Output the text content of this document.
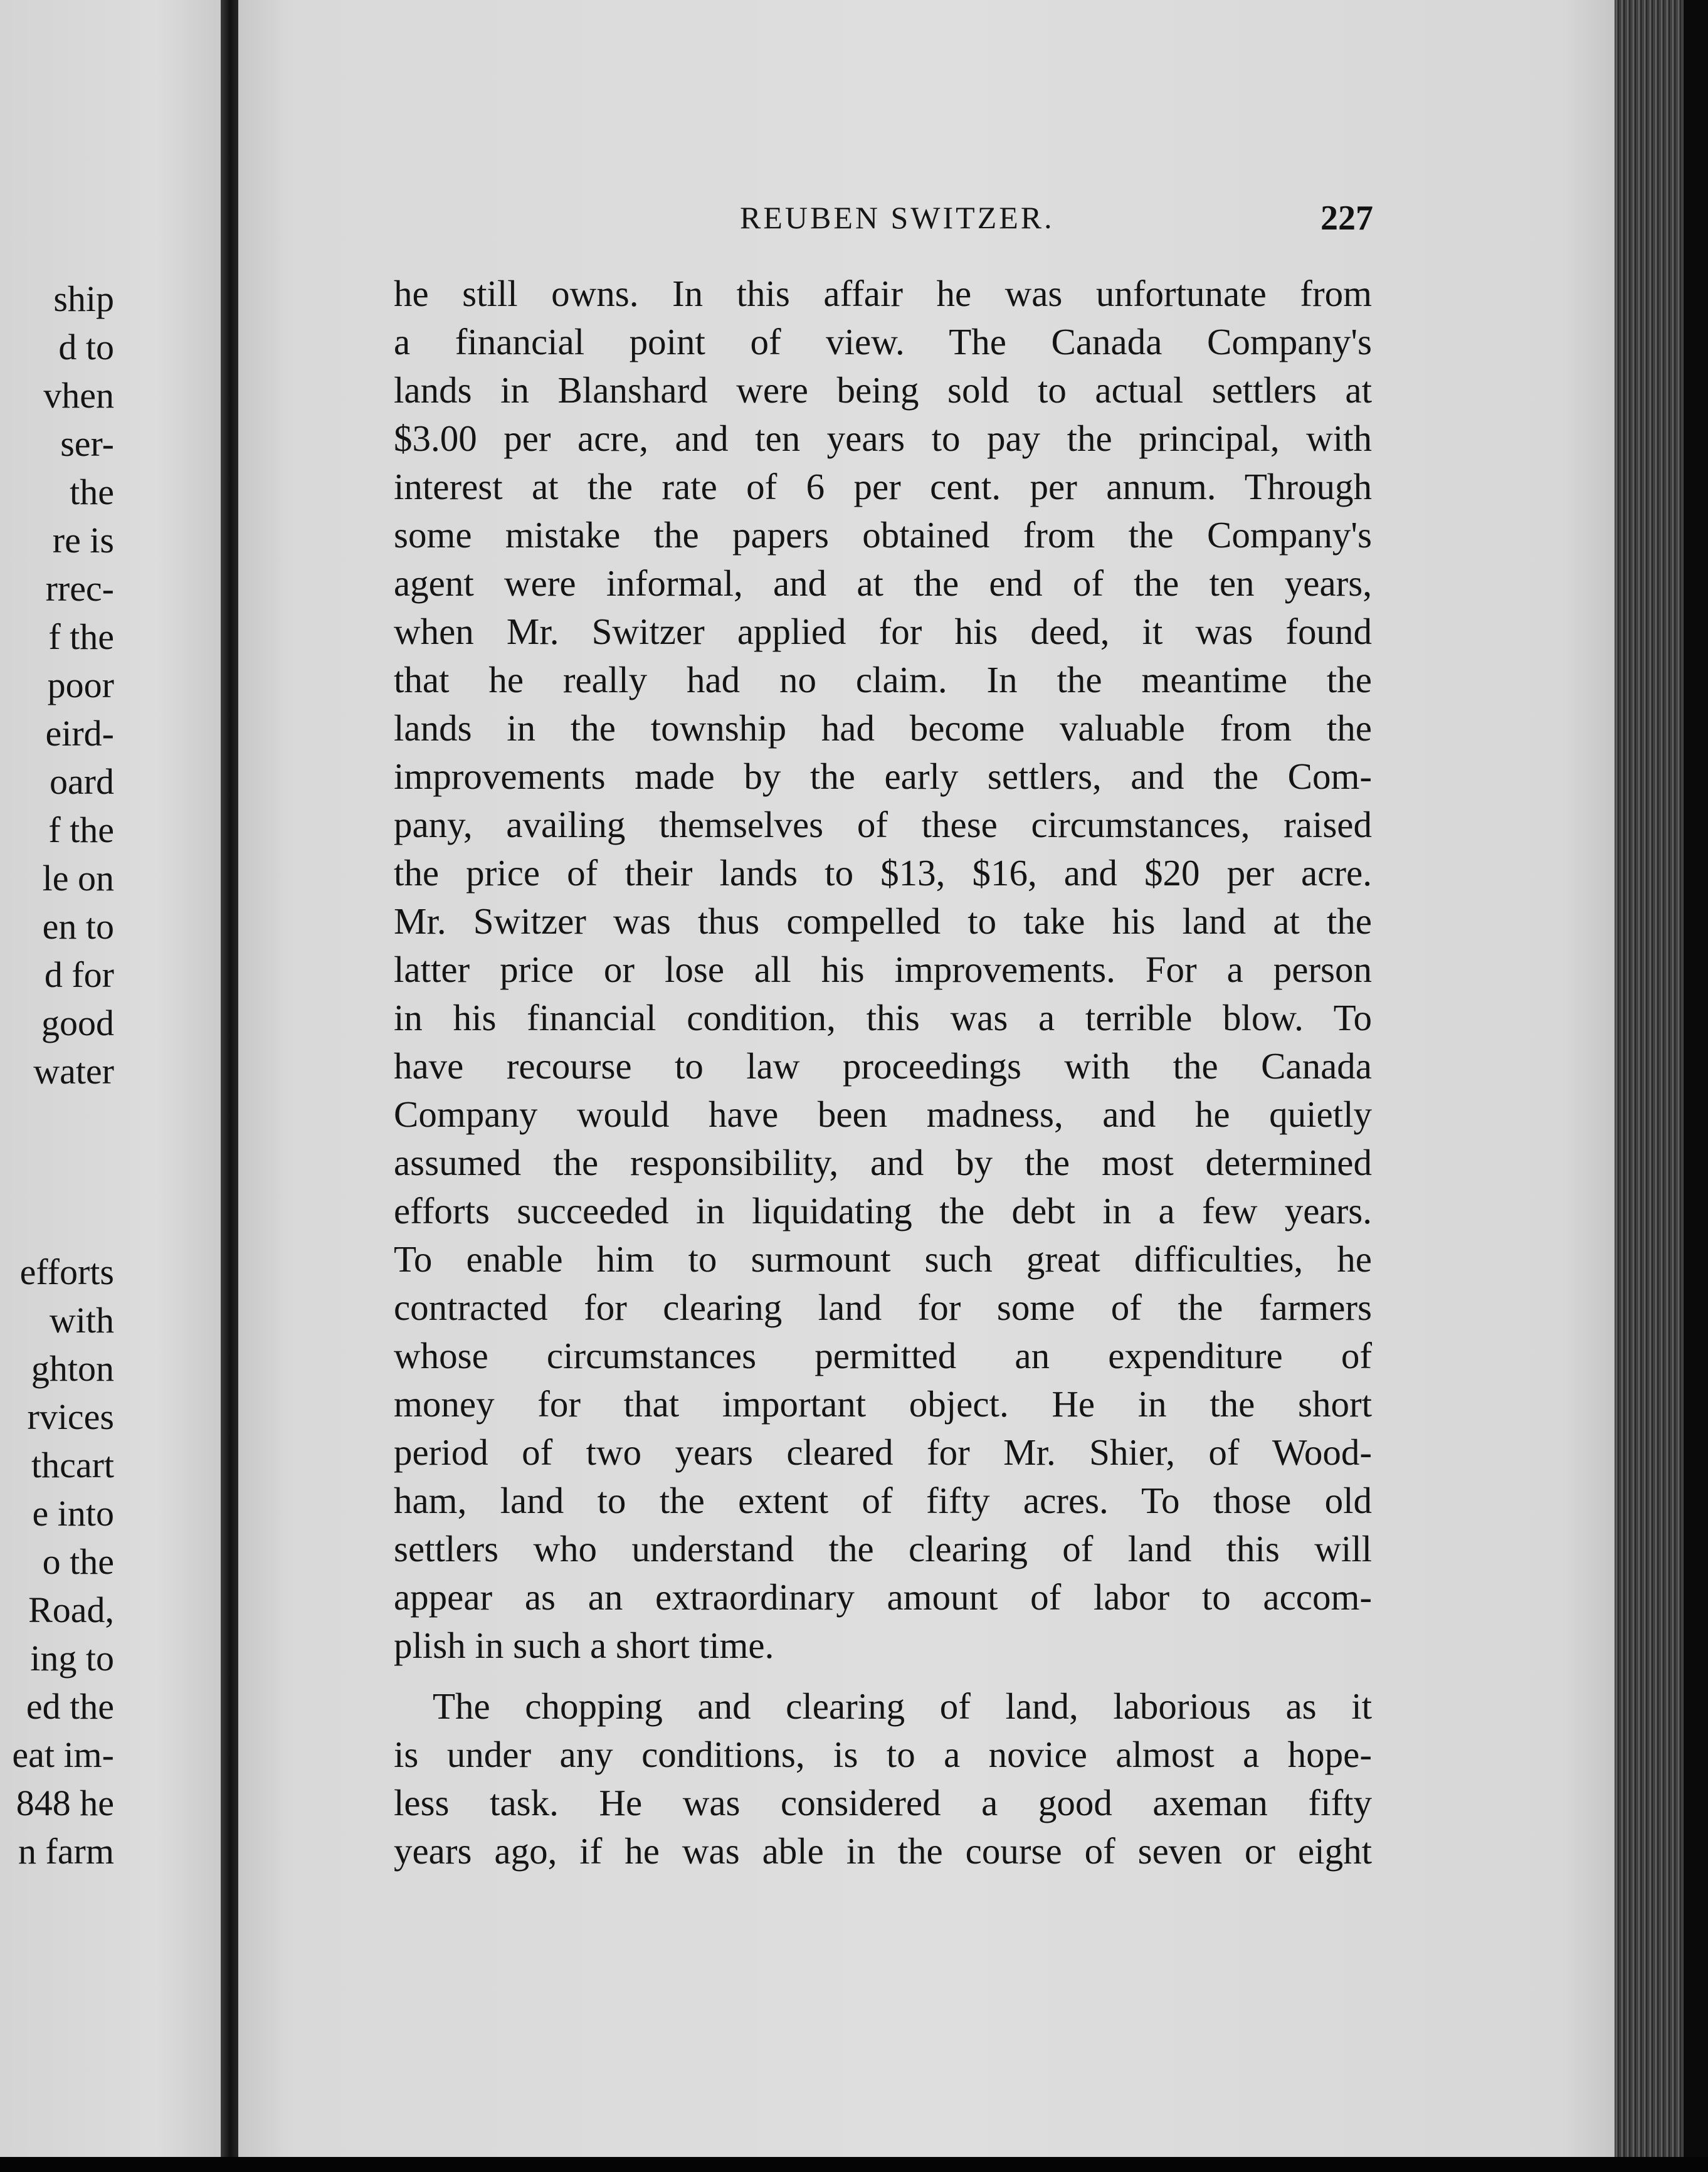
ship
d to
vhen
ser-
the
re is
rrec-
f the
poor
eird-
oard
f the
le on
en to
d for
good
water
efforts
with
ghton
rvices
thcart
e into
o the
Road,
ing to
ed the
eat im-
848 he
n farm
REUBEN SWITZER.	227
he still owns. In this affair he was unfortunate from
a financial point of view. The Canada Company's
lands in Blanshard were being sold to actual settlers at
$3.00 per acre, and ten years to pay the principal, with
interest at the rate of 6 per cent. per annum. Through
some mistake the papers obtained from the Company's
agent were informal, and at the end of the ten years,
when Mr. Switzer applied for his deed, it was found
that he really had no claim. In the meantime the
lands in the township had become valuable from the
improvements made by the early settlers, and the Com-
pany, availing themselves of these circumstances, raised
the price of their lands to $13, $16, and $20 per acre.
Mr. Switzer was thus compelled to take his land at the
latter price or lose all his improvements. For a person
in his financial condition, this was a terrible blow. To
have recourse to law proceedings with the Canada
Company would have been madness, and he quietly
assumed the responsibility, and by the most determined
efforts succeeded in liquidating the debt in a few years.
To enable him to surmount such great difficulties, he
contracted for clearing land for some of the farmers
whose circumstances permitted an expenditure of
money for that important object. He in the short
period of two years cleared for Mr. Shier, of Wood-
ham, land to the extent of fifty acres. To those old
settlers who understand the clearing of land this will
appear as an extraordinary amount of labor to accom-
plish in such a short time.
The chopping and clearing of land, laborious as it
is under any conditions, is to a novice almost a hope-
less task. He was considered a good axeman fifty
years ago, if he was able in the course of seven or eight
